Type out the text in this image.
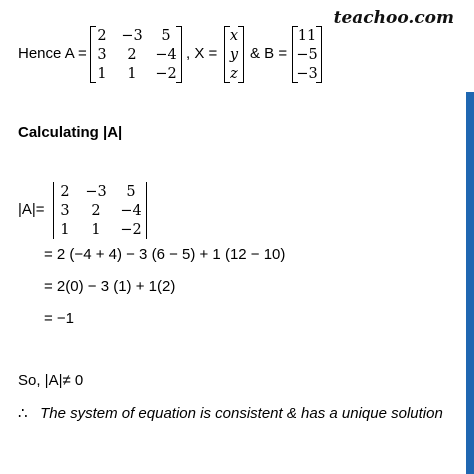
teachoo.com
Hence A =
2 −3 5
3 2 −4
1 1 −2
, X =
x
y
z
& B =
11
−5
−3
Calculating |A|
|A|=
2 −3 5
3 2 −4
1 1 −2
= 2 (−4 + 4) − 3 (6 − 5) + 1 (12 − 10)
= 2(0) − 3 (1) + 1(2)
= −1
So, |A|≠ 0
∴ The system of equation is consistent & has a unique solution
